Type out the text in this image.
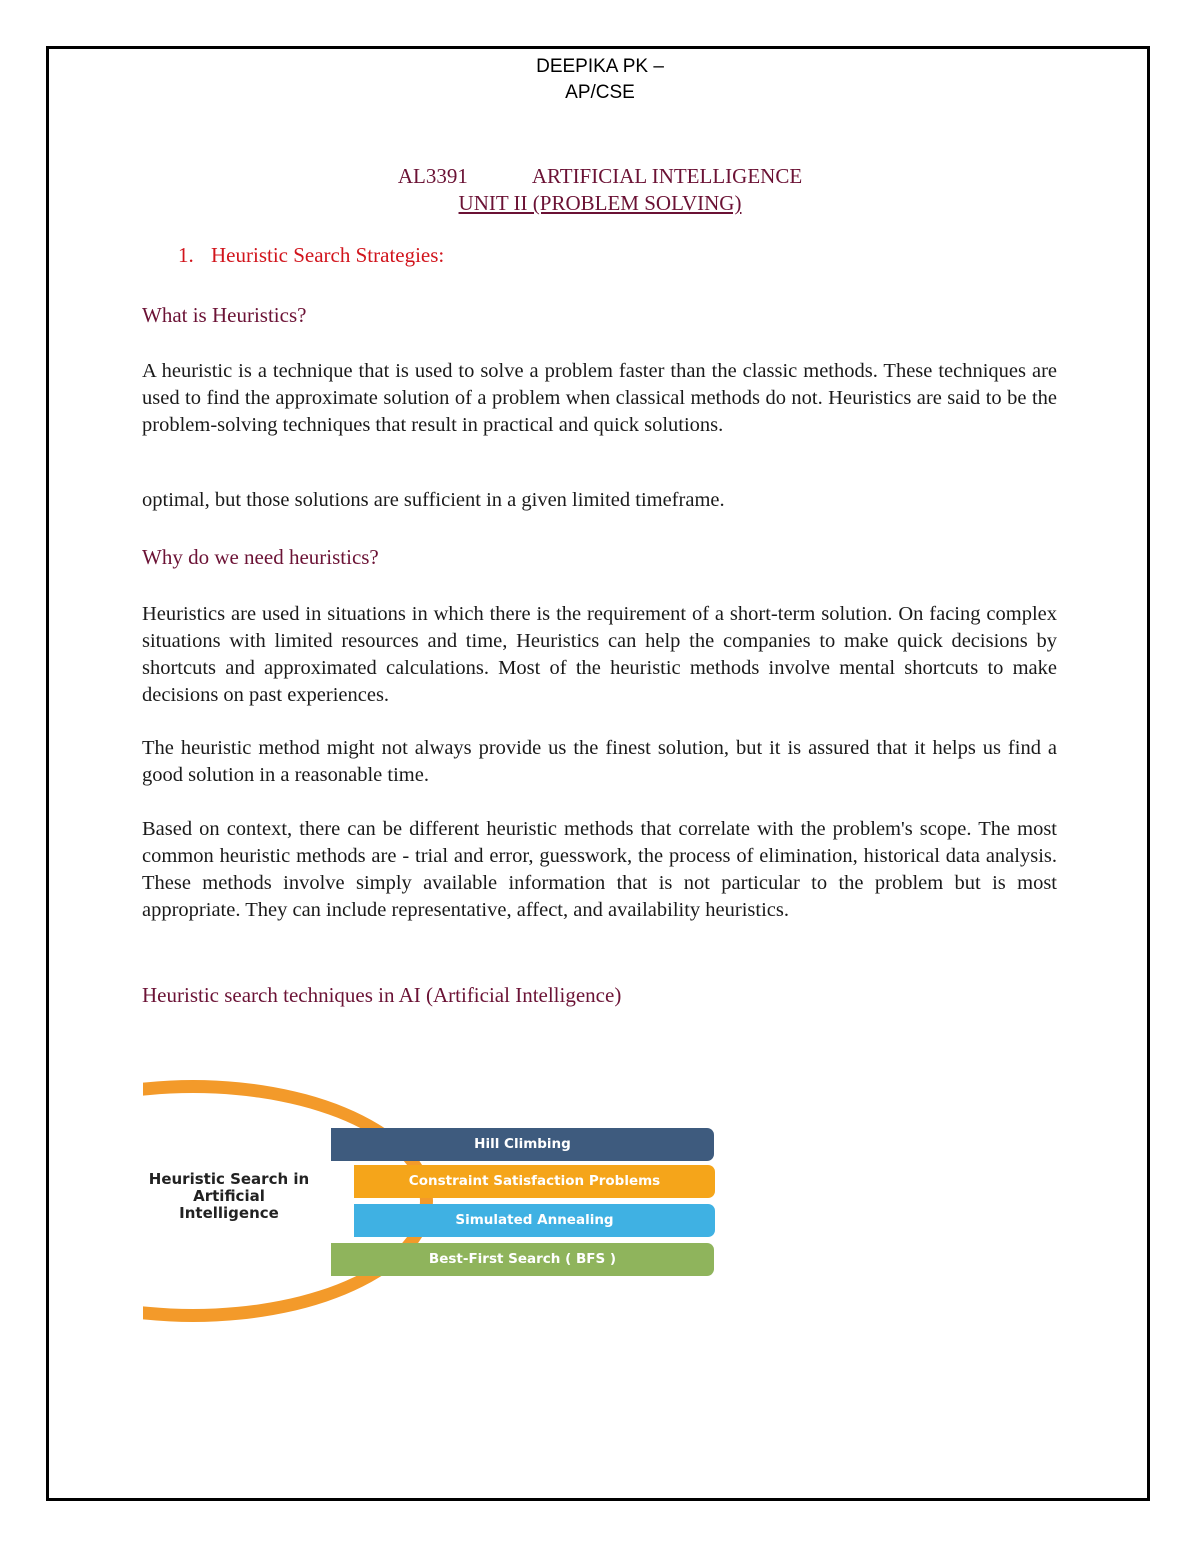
DEEPIKA PK –
AP/CSE
AL3391	ARTIFICIAL INTELLIGENCE
UNIT II (PROBLEM SOLVING)
1. Heuristic Search Strategies:
What is Heuristics?
A heuristic is a technique that is used to solve a problem faster than the classic methods. These techniques are used to find the approximate solution of a problem when classical methods do not. Heuristics are said to be the problem-solving techniques that result in practical and quick solutions.
optimal, but those solutions are sufficient in a given limited timeframe.
Why do we need heuristics?
Heuristics are used in situations in which there is the requirement of a short-term solution. On facing complex situations with limited resources and time, Heuristics can help the companies to make quick decisions by shortcuts and approximated calculations. Most of the heuristic methods involve mental shortcuts to make decisions on past experiences.
The heuristic method might not always provide us the finest solution, but it is assured that it helps us find a good solution in a reasonable time.
Based on context, there can be different heuristic methods that correlate with the problem's scope. The most common heuristic methods are - trial and error, guesswork, the process of elimination, historical data analysis. These methods involve simply available information that is not particular to the problem but is most appropriate. They can include representative, affect, and availability heuristics.
Heuristic search techniques in AI (Artificial Intelligence)
Heuristic Search in Artificial Intelligence
Hill Climbing
Constraint Satisfaction Problems
Simulated Annealing
Best-First Search ( BFS )
